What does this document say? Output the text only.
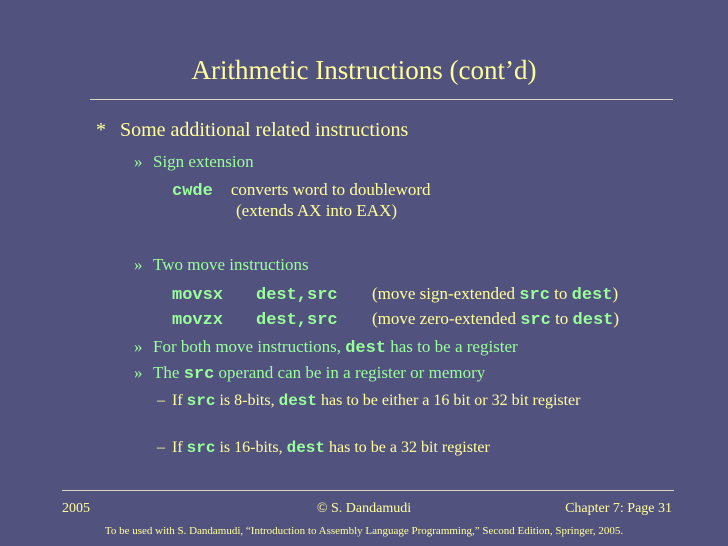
Arithmetic Instructions (cont’d)
* Some additional related instructions
» Sign extension
cwde converts word to doubleword
(extends AX into EAX)
» Two move instructions
movsx dest,src (move sign-extended src to dest)
movzx dest,src (move zero-extended src to dest)
» For both move instructions, dest has to be a register
» The src operand can be in a register or memory
– If src is 8-bits, dest has to be either a 16 bit or 32 bit register
– If src is 16-bits, dest has to be a 32 bit register
2005	© S. Dandamudi	Chapter 7: Page 31
To be used with S. Dandamudi, “Introduction to Assembly Language Programming,” Second Edition, Springer, 2005.
